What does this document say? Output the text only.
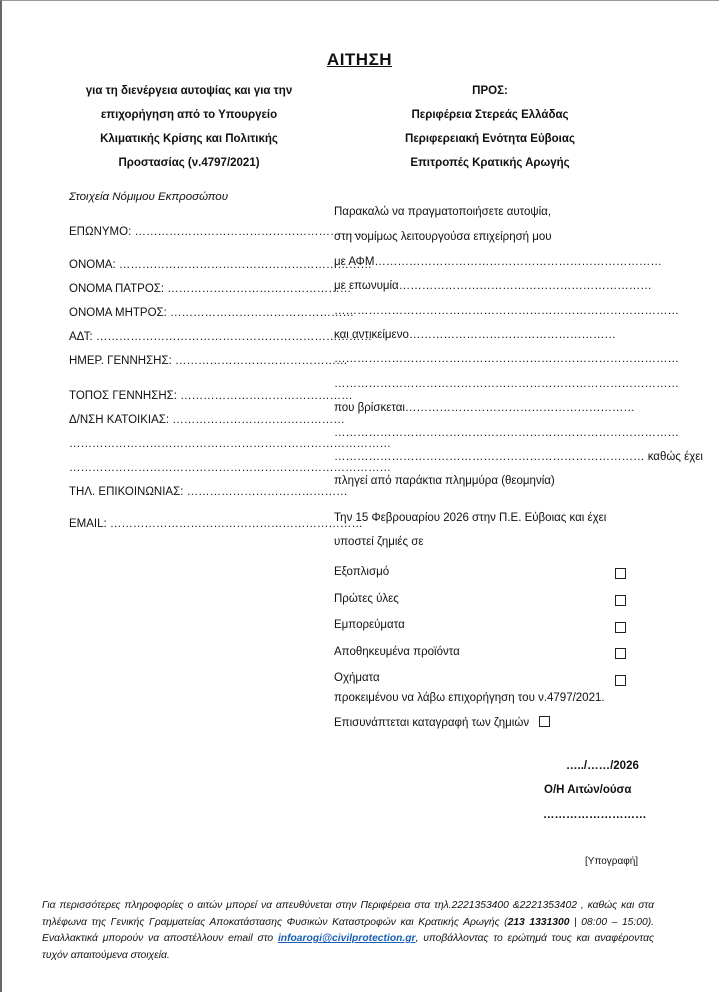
ΑΙΤΗΣΗ
για τη διενέργεια αυτοψίας και για την
επιχορήγηση από το Υπουργείο
Κλιματικής Κρίσης και Πολιτικής
Προστασίας (ν.4797/2021)
ΠΡΟΣ:
Περιφέρεια Στερεάς Ελλάδας
Περιφερειακή Ενότητα Εύβοιας
Επιτροπές Κρατικής Αρωγής
Στοιχεία Νόμιμου Εκπροσώπου
ΕΠΩΝΥΜΟ: ……………………………………………………
ΟΝΟΜΑ: …………………………………………………………
ΟΝΟΜΑ ΠΑΤΡΟΣ: …………………………………………
ΟΝΟΜΑ ΜΗΤΡΟΣ: …………………………………………
ΑΔΤ: ………………………………………………………………
ΗΜΕΡ. ΓΕΝΝΗΣΗΣ: ………………………………………
ΤΟΠΟΣ ΓΕΝΝΗΣΗΣ: ………………………………………
Δ/ΝΣΗ ΚΑΤΟΙΚΙΑΣ: ………………………………………
…………………………………………………………………………
…………………………………………………………………………
ΤΗΛ. ΕΠΙΚΟΙΝΩΝΙΑΣ: ……………………………………
EMAIL: …………………………………………………………
Παρακαλώ να πραγματοποιήσετε αυτοψία,
στη νομίμως λειτουργούσα επιχείρησή μου
με ΑΦΜ…………………………………………………………………
με επωνυμία…………………………………………………………
………………………………………………………………………………
και αντικείμενο………………………………………………
………………………………………………………………………………
………………………………………………………………………………
που βρίσκεται……………………………………………………
………………………………………………………………………………
……………………………………………………………………… καθώς έχει
πληγεί από παράκτια πλημμύρα (θεομηνία)
Την 15 Φεβρουαρίου 2026 στην Π.Ε. Εύβοιας και έχει
υποστεί ζημιές σε
Εξοπλισμό
Πρώτες ύλες
Εμπορεύματα
Αποθηκευμένα προϊόντα
Οχήματα
προκειμένου να λάβω επιχορήγηση του ν.4797/2021.
Επισυνάπτεται καταγραφή των ζημιών
…../……/2026
Ο/Η Αιτών/ούσα
………………………
[Υπογραφή]
Για περισσότερες πληροφορίες ο αιτών μπορεί να απευθύνεται στην Περιφέρεια στα τηλ.2221353400 &2221353402 , καθώς και στα τηλέφωνα της Γενικής Γραμματείας Αποκατάστασης Φυσικών Καταστροφών και Κρατικής Αρωγής (213 1331300 | 08:00 – 15:00). Εναλλακτικά μπορούν να αποστέλλουν email στο infoarogi@civilprotection.gr, υποβάλλοντας το ερώτημά τους και αναφέροντας τυχόν απαιτούμενα στοιχεία.
